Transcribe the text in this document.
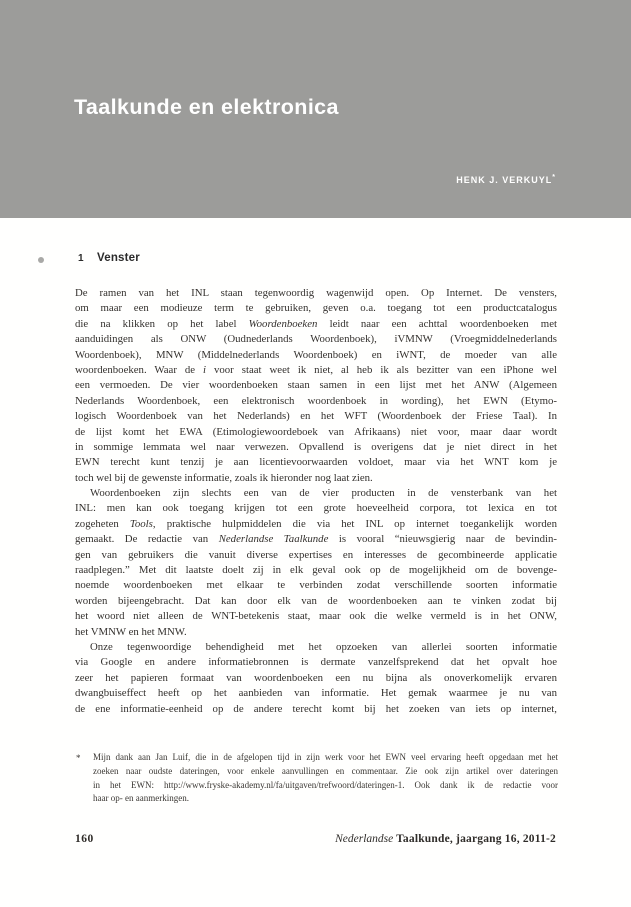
Taalkunde en elektronica
HENK J. VERKUYL*
1 Venster
De ramen van het INL staan tegenwoordig wagenwijd open. Op Internet. De vensters,
om maar een modieuze term te gebruiken, geven o.a. toegang tot een productcatalogus
die na klikken op het label Woordenboeken leidt naar een achttal woordenboeken met
aanduidingen als ONW (Oudnederlands Woordenboek), iVMNW (Vroegmiddelnederlands
Woordenboek), MNW (Middelnederlands Woordenboek) en iWNT, de moeder van alle
woordenboeken. Waar de i voor staat weet ik niet, al heb ik als bezitter van een iPhone wel
een vermoeden. De vier woordenboeken staan samen in een lijst met het ANW (Algemeen
Nederlands Woordenboek, een elektronisch woordenboek in wording), het EWN (Etymo-
logisch Woordenboek van het Nederlands) en het WFT (Woordenboek der Friese Taal). In
de lijst komt het EWA (Etimologiewoordeboek van Afrikaans) niet voor, maar daar wordt
in sommige lemmata wel naar verwezen. Opvallend is overigens dat je niet direct in het
EWN terecht kunt tenzij je aan licentievoorwaarden voldoet, maar via het WNT kom je
toch wel bij de gewenste informatie, zoals ik hieronder nog laat zien.
Woordenboeken zijn slechts een van de vier producten in de vensterbank van het
INL: men kan ook toegang krijgen tot een grote hoeveelheid corpora, tot lexica en tot
zogeheten Tools, praktische hulpmiddelen die via het INL op internet toegankelijk worden
gemaakt. De redactie van Nederlandse Taalkunde is vooral “nieuwsgierig naar de bevindin-
gen van gebruikers die vanuit diverse expertises en interesses de gecombineerde applicatie
raadplegen.” Met dit laatste doelt zij in elk geval ook op de mogelijkheid om de bovenge-
noemde woordenboeken met elkaar te verbinden zodat verschillende soorten informatie
worden bijeengebracht. Dat kan door elk van de woordenboeken aan te vinken zodat bij
het woord niet alleen de WNT-betekenis staat, maar ook die welke vermeld is in het ONW,
het VMNW en het MNW.
Onze tegenwoordige behendigheid met het opzoeken van allerlei soorten informatie
via Google en andere informatiebronnen is dermate vanzelfsprekend dat het opvalt hoe
zeer het papieren formaat van woordenboeken een nu bijna als onoverkomelijk ervaren
dwangbuiseffect heeft op het aanbieden van informatie. Het gemak waarmee je nu van
de ene informatie-eenheid op de andere terecht komt bij het zoeken van iets op internet,
*	Mijn dank aan Jan Luif, die in de afgelopen tijd in zijn werk voor het EWN veel ervaring heeft opgedaan met het
zoeken naar oudste dateringen, voor enkele aanvullingen en commentaar. Zie ook zijn artikel over dateringen
in het EWN: http://www.fryske-akademy.nl/fa/uitgaven/trefwoord/dateringen-1. Ook dank ik de redactie voor
haar op- en aanmerkingen.
160	Nederlandse Taalkunde, jaargang 16, 2011-2
